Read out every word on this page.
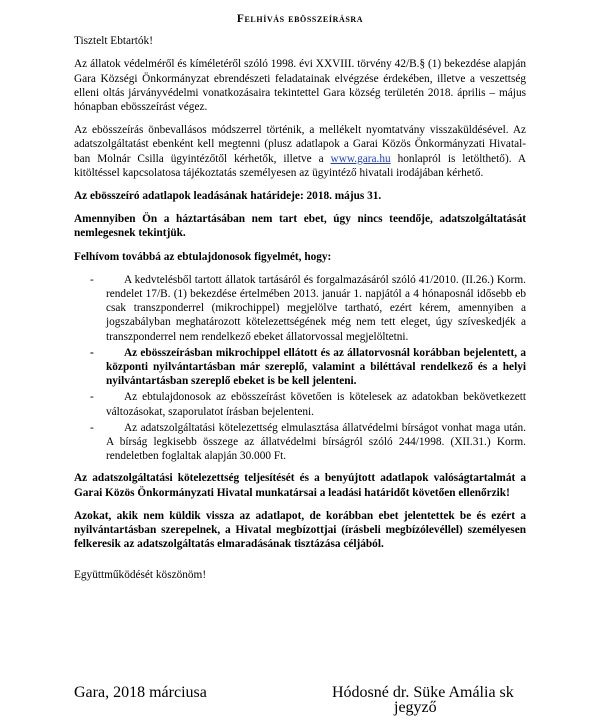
Felhívás ebösszeírásra

Tisztelt Ebtartók!

Az állatok védelméről és kíméletéről szóló 1998. évi XXVIII. törvény 42/B.§ (1) bekezdése alapján Gara Községi Önkormányzat ebrendészeti feladatainak elvégzése érdekében, illetve a veszettség elleni oltás járványvédelmi vonatkozásaira tekintettel Gara község területén 2018. április – május hónapban ebösszeírást végez.

Az ebösszeírás önbevallásos módszerrel történik, a mellékelt nyomtatvány visszaküldésével. Az adatszolgáltatást ebenként kell megtenni (plusz adatlapok a Garai Közös Önkormányzati Hivatal-ban Molnár Csilla ügyintézőtől kérhetők, illetve a www.gara.hu honlapról is letölthető). A kitöltéssel kapcsolatosa tájékoztatás személyesen az ügyintéző hivatali irodájában kérhető.

Az ebösszeíró adatlapok leadásának határideje: 2018. május 31.

Amennyiben Ön a háztartásában nem tart ebet, úgy nincs teendője, adatszolgáltatását nemlegesnek tekintjük.

Felhívom továbbá az ebtulajdonosok figyelmét, hogy:

-	A kedvtelésből tartott állatok tartásáról és forgalmazásáról szóló 41/2010. (II.26.) Korm. rendelet 17/B. (1) bekezdése értelmében 2013. január 1. napjától a 4 hónaposnál idősebb eb csak transzponderrel (mikrochippel) megjelölve tartható, ezért kérem, amennyiben a jogszabályban meghatározott kötelezettségének még nem tett eleget, úgy szíveskedjék a transzponderrel nem rendelkező ebeket állatorvossal megjelöltetni.
-	Az ebösszeírásban mikrochippel ellátott és az állatorvosnál korábban bejelentett, a központi nyilvántartásban már szereplő, valamint a biléttával rendelkező és a helyi nyilvántartásban szereplő ebeket is be kell jelenteni.
-	Az ebtulajdonosok az ebösszeírást követően is kötelesek az adatokban bekövetkezett változásokat, szaporulatot írásban bejelenteni.
-	Az adatszolgáltatási kötelezettség elmulasztása állatvédelmi bírságot vonhat maga után. A bírság legkisebb összege az állatvédelmi bírságról szóló 244/1998. (XII.31.) Korm. rendeletben foglaltak alapján 30.000 Ft.

Az adatszolgáltatási kötelezettség teljesítését és a benyújtott adatlapok valóságtartalmát a Garai Közös Önkormányzati Hivatal munkatársai a leadási határidőt követően ellenőrzik!

Azokat, akik nem küldik vissza az adatlapot, de korábban ebet jelentettek be és ezért a nyilvántartásban szerepelnek, a Hivatal megbízottjai (írásbeli megbízólevéllel) személyesen felkeresik az adatszolgáltatás elmaradásának tisztázása céljából.

Együttműködését köszönöm!

Gara, 2018 márciusa	Hódosné dr. Süke Amália sk
jegyző
